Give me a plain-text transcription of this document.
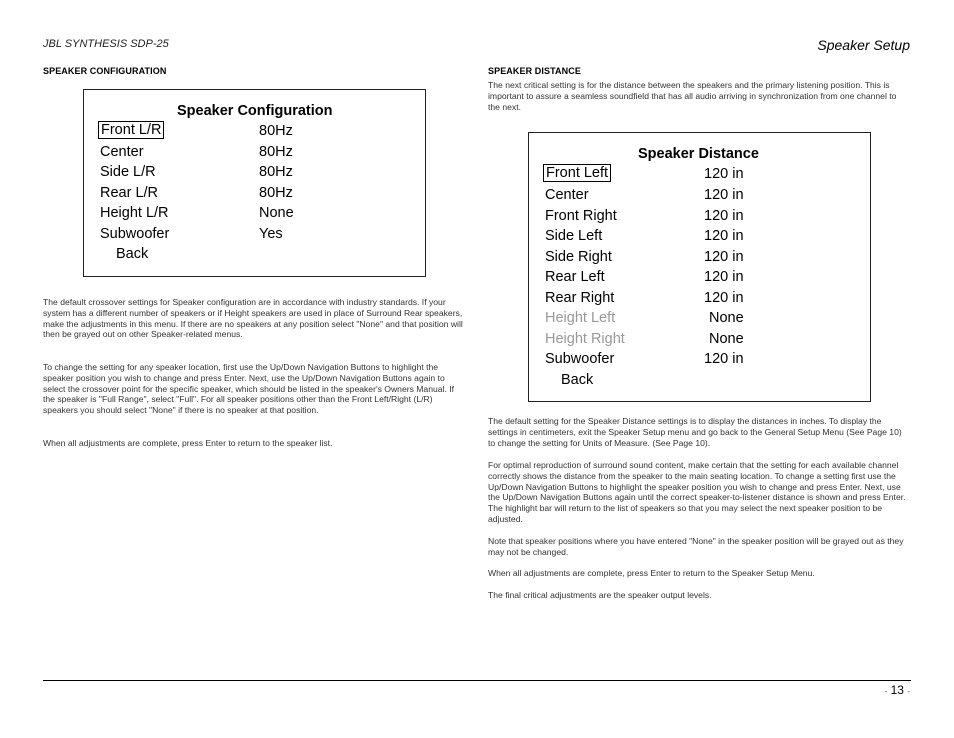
JBL SYNTHESIS SDP-25	Speaker Setup
SPEAKER CONFIGURATION
Speaker Configuration
Front L/R	80Hz
Center	80Hz
Side L/R	80Hz
Rear L/R	80Hz
Height L/R	None
Subwoofer	Yes
Back
The default crossover settings for Speaker configuration are in accordance with industry standards. If your system has a different number of speakers or if Height speakers are used in place of Surround Rear speakers, make the adjustments in this menu. If there are no speakers at any position select "None" and that position will then be grayed out on other Speaker-related menus.
To change the setting for any speaker location, first use the Up/Down Navigation Buttons to highlight the speaker position you wish to change and press Enter. Next, use the Up/Down Navigation Buttons again to select the crossover point for the specific speaker, which should be listed in the speaker's Owners Manual. If the speaker is "Full Range", select "Full". For all speaker positions other than the Front Left/Right (L/R) speakers you should select "None" if there is no speaker at that position.
When all adjustments are complete, press Enter to return to the speaker list.
SPEAKER DISTANCE
The next critical setting is for the distance between the speakers and the primary listening position. This is important to assure a seamless soundfield that has all audio arriving in synchronization from one channel to the next.
Speaker Distance
Front Left	120 in
Center	120 in
Front Right	120 in
Side Left	120 in
Side Right	120 in
Rear Left	120 in
Rear Right	120 in
Height Left	None
Height Right	None
Subwoofer	120 in
Back
The default setting for the Speaker Distance settings is to display the distances in inches. To display the settings in centimeters, exit the Speaker Setup menu and go back to the General Setup Menu (See Page 10) to change the setting for Units of Measure. (See Page 10).
For optimal reproduction of surround sound content, make certain that the setting for each available channel correctly shows the distance from the speaker to the main seating location. To change a setting first use the Up/Down Navigation Buttons to highlight the speaker position you wish to change and press Enter. Next, use the Up/Down Navigation Buttons again until the correct speaker-to-listener distance is shown and press Enter. The highlight bar will return to the list of speakers so that you may select the next speaker position to be adjusted.
Note that speaker positions where you have entered "None" in the speaker position will be grayed out as they may not be changed.
When all adjustments are complete, press Enter to return to the Speaker Setup Menu.
The final critical adjustments are the speaker output levels.
- 13 -
